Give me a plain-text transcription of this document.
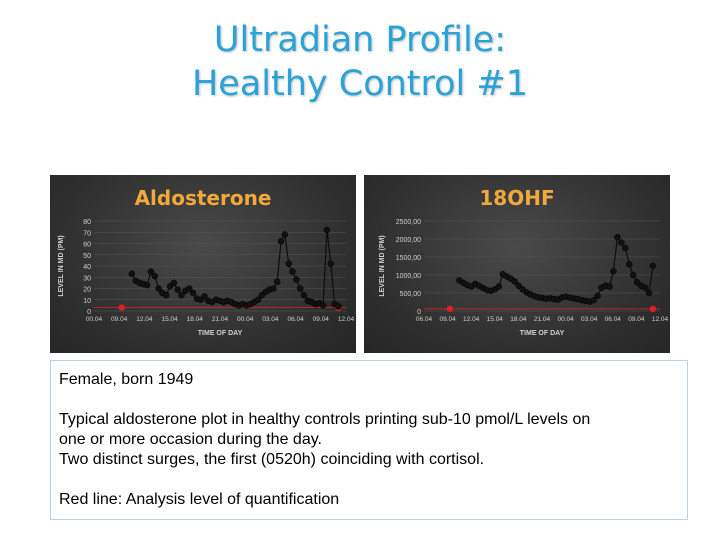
Ultradian Profile:
Healthy Control #1
Aldosterone
0
10
20
30
40
50
60
70
80
LEVEL IN MD (PM)
00.04 09.04 12.04 15.04 18.04 21.04 00.04 03.04 06.04 09.04 12.04
TIME OF DAY
18OHF
0
500,00
1000,00
1500,00
2000,00
2500,00
LEVEL IN MD (PM)
06.04 09.04 12.04 15.04 18.04 21.04 00.04 03.04 06.04 09.04 12.04
TIME OF DAY

Female, born 1949

Typical aldosterone plot in healthy controls printing sub-10 pmol/L levels on

one or more occasion during the day.

Two distinct surges, the first (0520h) coinciding with cortisol.

Red line: Analysis level of quantification
